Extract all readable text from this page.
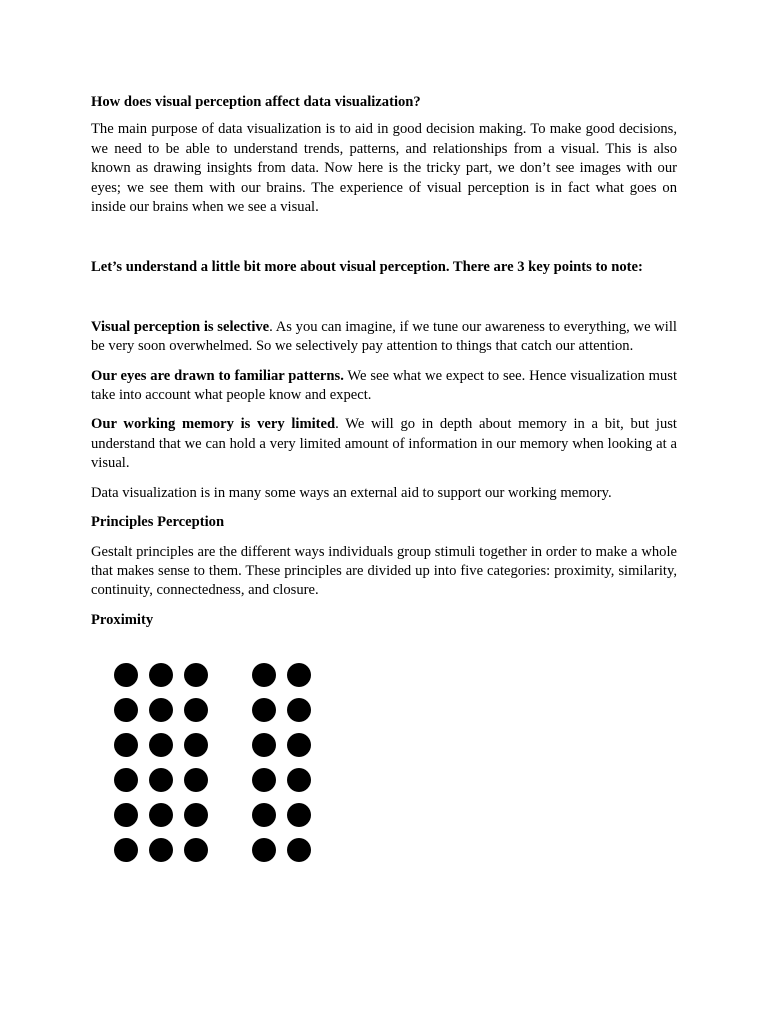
How does visual perception affect data visualization?

The main purpose of data visualization is to aid in good decision making. To make good decisions, we need to be able to understand trends, patterns, and relationships from a visual. This is also known as drawing insights from data. Now here is the tricky part, we don’t see images with our eyes; we see them with our brains. The experience of visual perception is in fact what goes on inside our brains when we see a visual.

Let’s understand a little bit more about visual perception. There are 3 key points to note:

Visual perception is selective. As you can imagine, if we tune our awareness to everything, we will be very soon overwhelmed. So we selectively pay attention to things that catch our attention.

Our eyes are drawn to familiar patterns. We see what we expect to see. Hence visualization must take into account what people know and expect.

Our working memory is very limited. We will go in depth about memory in a bit, but just understand that we can hold a very limited amount of information in our memory when looking at a visual.

Data visualization is in many some ways an external aid to support our working memory.

Principles Perception

Gestalt principles are the different ways individuals group stimuli together in order to make a whole that makes sense to them. These principles are divided up into five categories: proximity, similarity, continuity, connectedness, and closure.

Proximity
